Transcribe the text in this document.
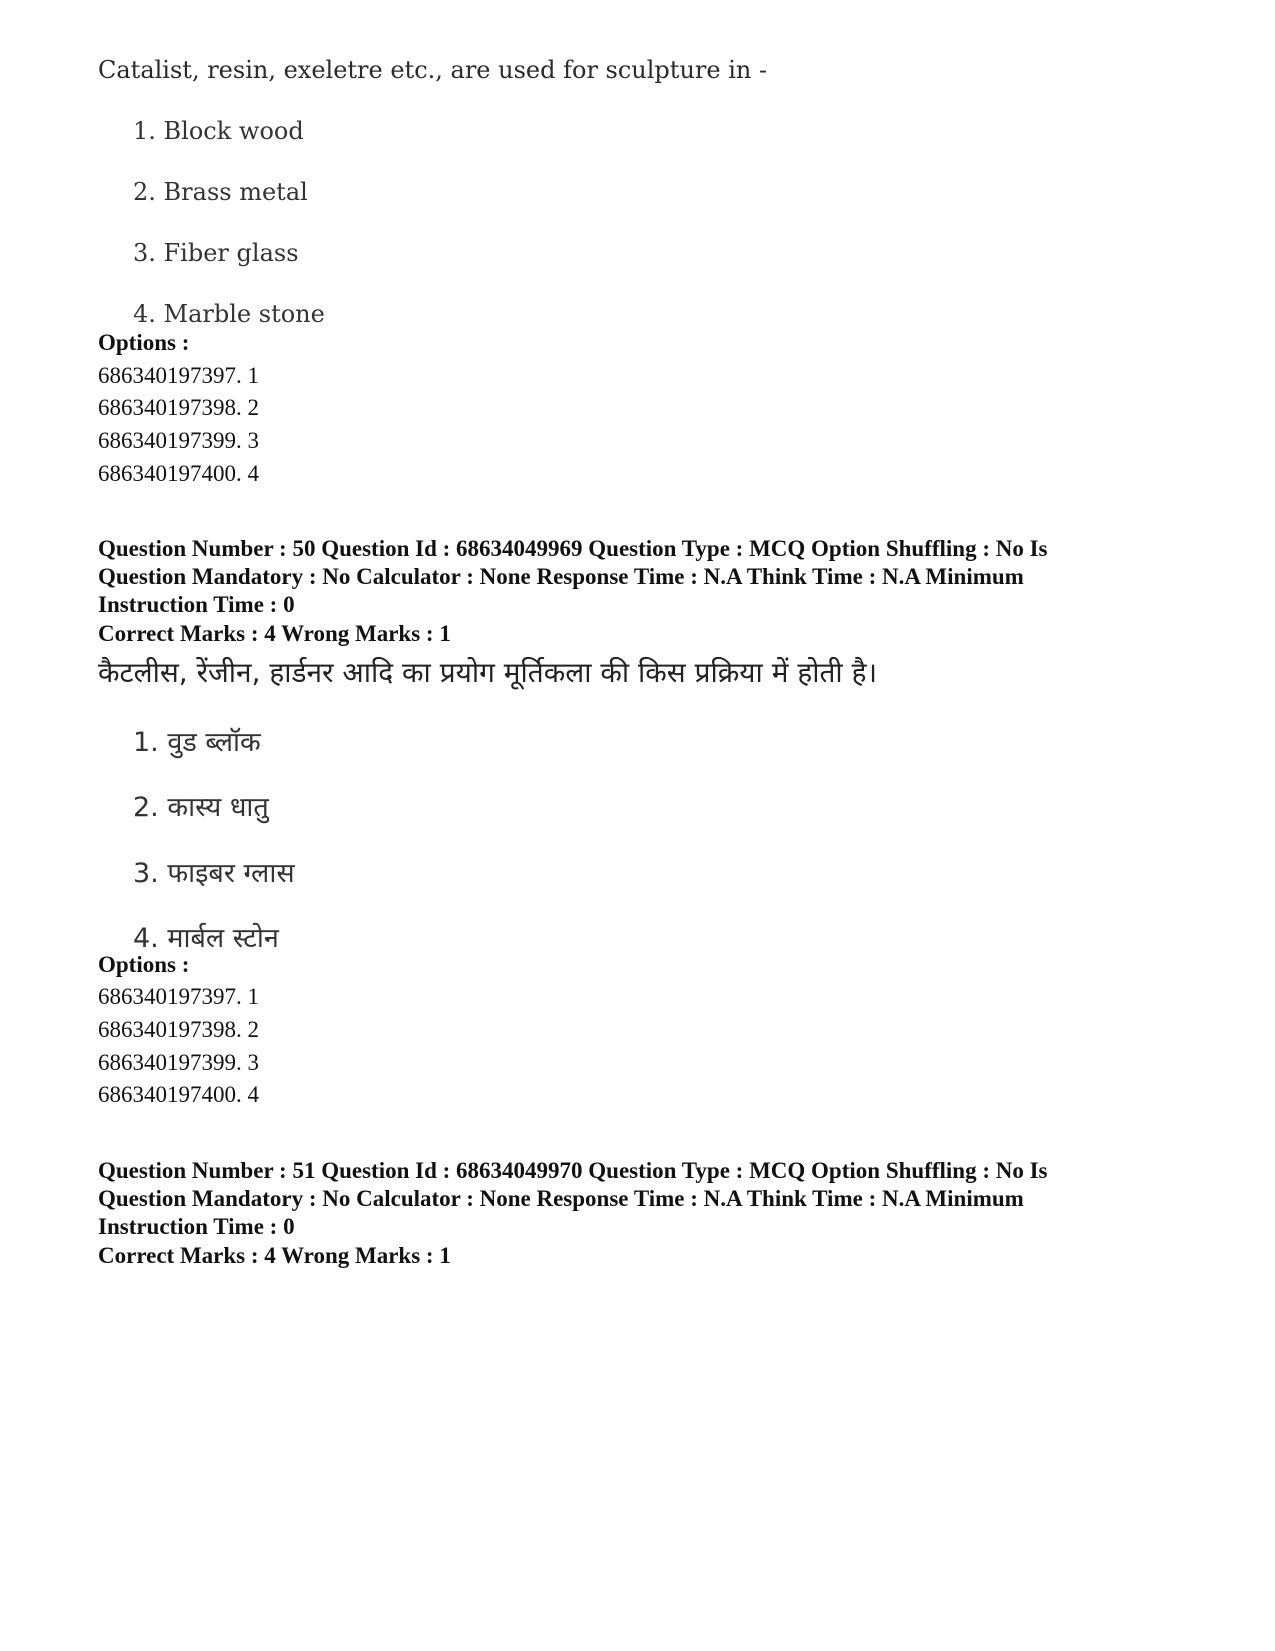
Catalist, resin, exeletre etc., are used for sculpture in -
1. Block wood
2. Brass metal
3. Fiber glass
4. Marble stone
Options :
686340197397. 1
686340197398. 2
686340197399. 3
686340197400. 4
Question Number : 50 Question Id : 68634049969 Question Type : MCQ Option Shuffling : No Is
Question Mandatory : No Calculator : None Response Time : N.A Think Time : N.A Minimum
Instruction Time : 0
Correct Marks : 4 Wrong Marks : 1
कैटलीस, रेंजीन, हार्डनर आदि का प्रयोग मूर्तिकला की किस प्रक्रिया में होती है।
1. वुड ब्लॉक
2. कास्य धातु
3. फाइबर ग्लास
4. मार्बल स्टोन
Options :
686340197397. 1
686340197398. 2
686340197399. 3
686340197400. 4
Question Number : 51 Question Id : 68634049970 Question Type : MCQ Option Shuffling : No Is
Question Mandatory : No Calculator : None Response Time : N.A Think Time : N.A Minimum
Instruction Time : 0
Correct Marks : 4 Wrong Marks : 1
